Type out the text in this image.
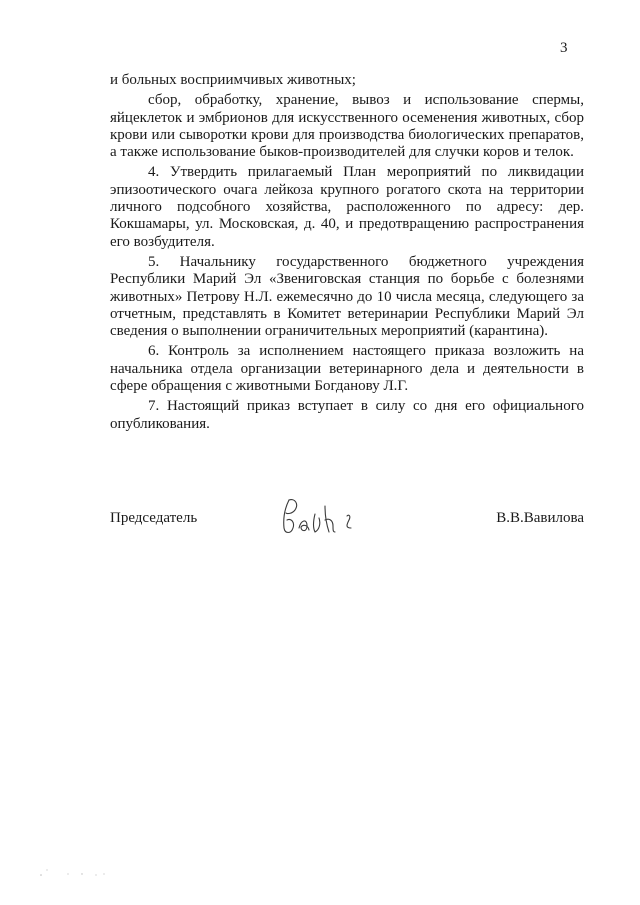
3

и больных восприимчивых животных;

сбор, обработку, хранение, вывоз и использование спермы, яйцеклеток и эмбрионов для искусственного осеменения животных, сбор крови или сыворотки крови для производства биологических препаратов, а также использование быков-производителей для случки коров и телок.

4. Утвердить прилагаемый План мероприятий по ликвидации эпизоотического очага лейкоза крупного рогатого скота на территории личного подсобного хозяйства, расположенного по адресу: дер. Кокшамары, ул. Московская, д. 40, и предотвращению распространения его возбудителя.

5. Начальнику государственного бюджетного учреждения Республики Марий Эл «Звениговская станция по борьбе с болезнями животных» Петрову Н.Л. ежемесячно до 10 числа месяца, следующего за отчетным, представлять в Комитет ветеринарии Республики Марий Эл сведения о выполнении ограничительных мероприятий (карантина).

6. Контроль за исполнением настоящего приказа возложить на начальника отдела организации ветеринарного дела и деятельности в сфере обращения с животными Богданову Л.Г.

7. Настоящий приказ вступает в силу со дня его официального опубликования.

Председатель	В.В.Вавилова
